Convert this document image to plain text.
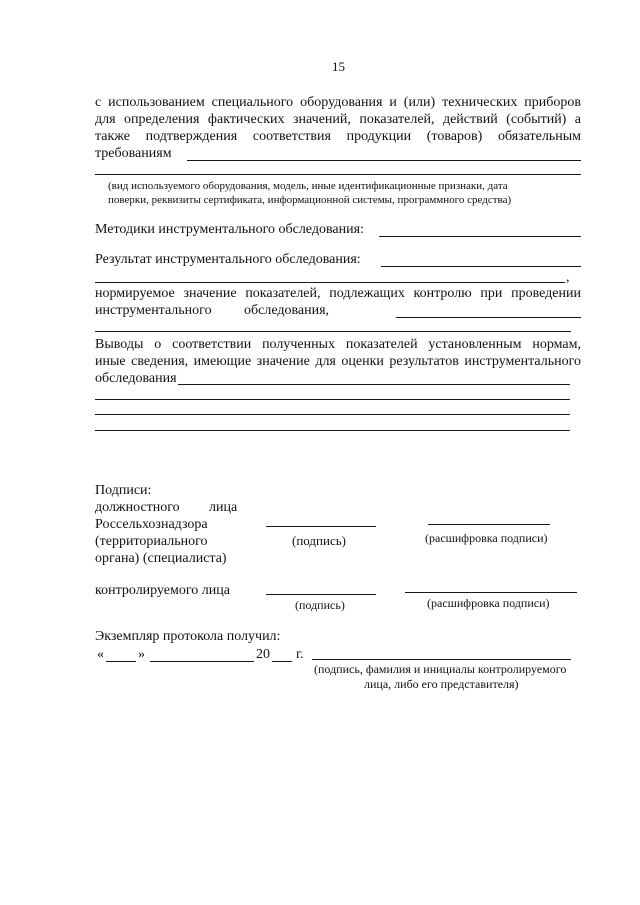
15
с использованием специального оборудования и (или) технических приборов
для определения фактических значений, показателей, действий (событий) а
также подтверждения соответствия продукции (товаров) обязательным
требованиям
(вид используемого оборудования, модель, иные идентификационные признаки, дата
поверки, реквизиты сертификата, информационной системы, программного средства)
Методики инструментального обследования:
Результат инструментального обследования:
,
нормируемое значение показателей, подлежащих контролю при проведении
инструментального обследования,
Выводы о соответствии полученных показателей установленным нормам,
иные сведения, имеющие значение для оценки результатов инструментального
обследования
Подписи:
должностного лица
Россельхознадзора
(территориального
органа) (специалиста)
(подпись)	(расшифровка подписи)
контролируемого лица
(подпись)	(расшифровка подписи)
Экземпляр протокола получил:
« »	20 г.
(подпись, фамилия и инициалы контролируемого
лица, либо его представителя)
